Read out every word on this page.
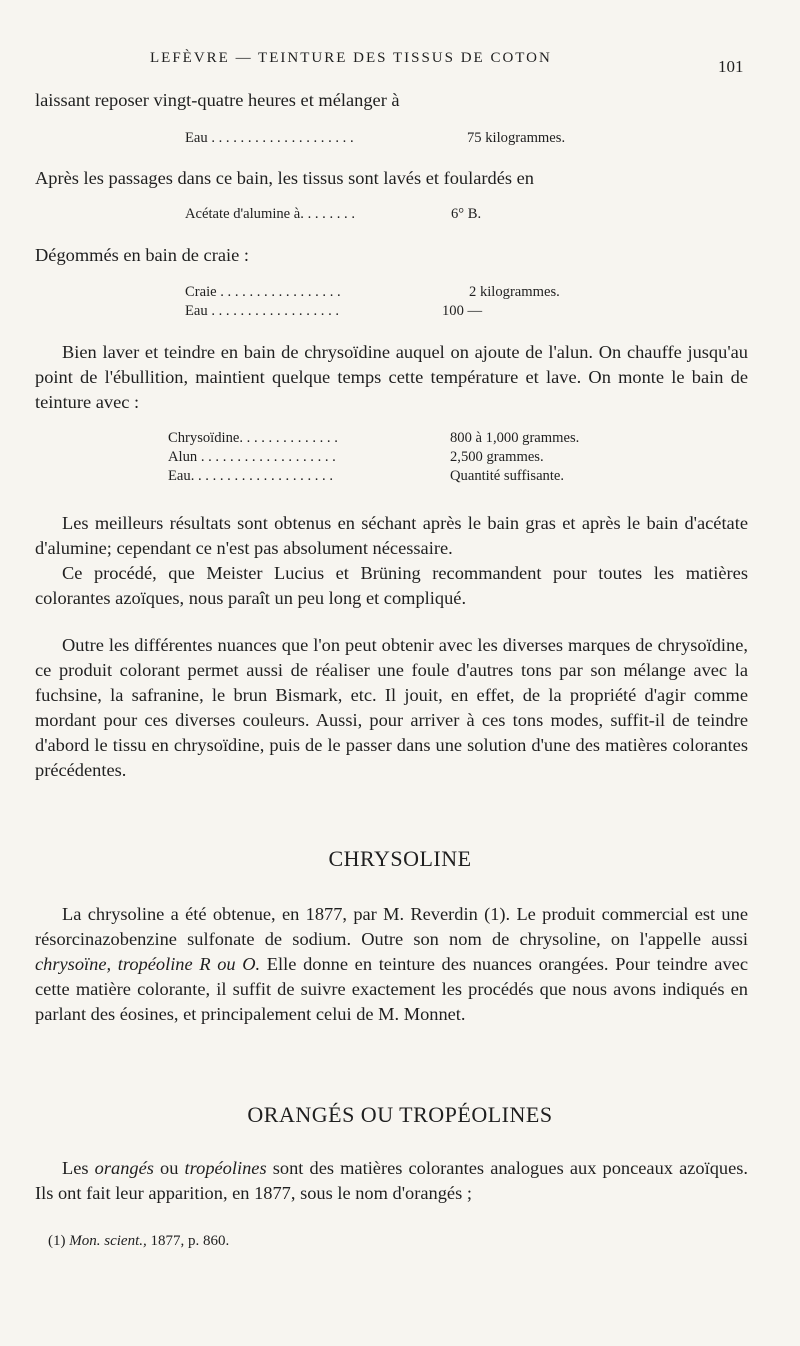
LEFÈVRE — TEINTURE DES TISSUS DE COTON	101
laissant reposer vingt-quatre heures et mélanger à
Eau . . . . . . . . . . . . . . . . . . . .	75 kilogrammes.
Après les passages dans ce bain, les tissus sont lavés et foulardés en
Acétate d'alumine à. . . . . . . .	6° B.
Dégommés en bain de craie :
Craie . . . . . . . . . . . . . . . . .	2 kilogrammes.
Eau . . . . . . . . . . . . . . . . . .	100 —
Bien laver et teindre en bain de chrysoïdine auquel on ajoute de l'alun. On chauffe jusqu'au point de l'ébullition, maintient quelque temps cette température et lave. On monte le bain de teinture avec :
Chrysoïdine. . . . . . . . . . . . . .	800 à 1,000 grammes.
Alun . . . . . . . . . . . . . . . . . . .	2,500 grammes.
Eau. . . . . . . . . . . . . . . . . . . .	Quantité suffisante.
Les meilleurs résultats sont obtenus en séchant après le bain gras et après le bain d'acétate d'alumine; cependant ce n'est pas absolument nécessaire.
Ce procédé, que Meister Lucius et Brüning recommandent pour toutes les matières colorantes azoïques, nous paraît un peu long et compliqué.
Outre les différentes nuances que l'on peut obtenir avec les diverses marques de chrysoïdine, ce produit colorant permet aussi de réaliser une foule d'autres tons par son mélange avec la fuchsine, la safranine, le brun Bismark, etc. Il jouit, en effet, de la propriété d'agir comme mordant pour ces diverses couleurs. Aussi, pour arriver à ces tons modes, suffit-il de teindre d'abord le tissu en chrysoïdine, puis de le passer dans une solution d'une des matières colorantes précédentes.
CHRYSOLINE
La chrysoline a été obtenue, en 1877, par M. Reverdin (1). Le produit commercial est une résorcinazobenzine sulfonate de sodium. Outre son nom de chrysoline, on l'appelle aussi chrysoïne, tropéoline R ou O. Elle donne en teinture des nuances orangées. Pour teindre avec cette matière colorante, il suffit de suivre exactement les procédés que nous avons indiqués en parlant des éosines, et principalement celui de M. Monnet.
ORANGÉS OU TROPÉOLINES
Les orangés ou tropéolines sont des matières colorantes analogues aux ponceaux azoïques. Ils ont fait leur apparition, en 1877, sous le nom d'orangés ;
(1) Mon. scient., 1877, p. 860.
